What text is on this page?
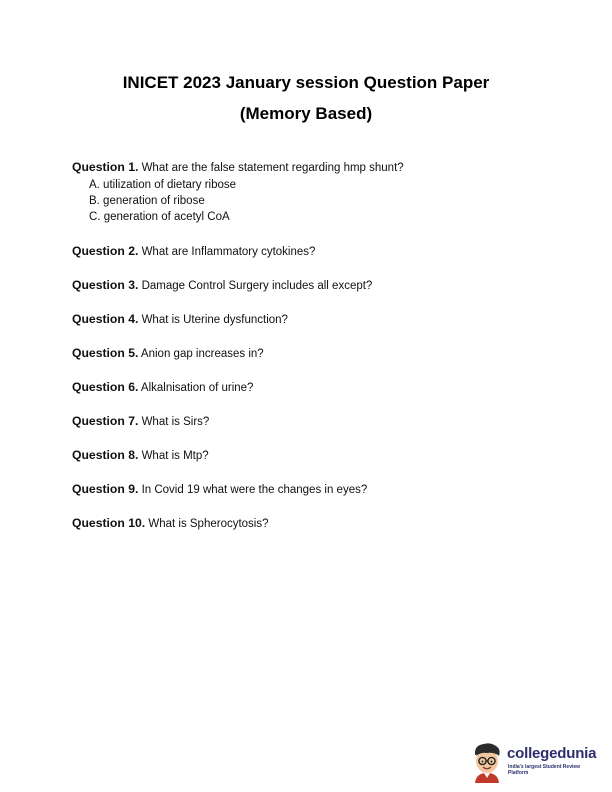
INICET 2023 January session Question Paper
(Memory Based)
Question 1. What are the false statement regarding hmp shunt?
A. utilization of dietary ribose
B. generation of ribose
C. generation of acetyl CoA
Question 2. What are Inflammatory cytokines?
Question 3. Damage Control Surgery includes all except?
Question 4. What is Uterine dysfunction?
Question 5. Anion gap increases in?
Question 6. Alkalnisation of urine?
Question 7. What is Sirs?
Question 8. What is Mtp?
Question 9. In Covid 19 what were the changes in eyes?
Question 10. What is Spherocytosis?
collegedunia
India's largest Student Review Platform
